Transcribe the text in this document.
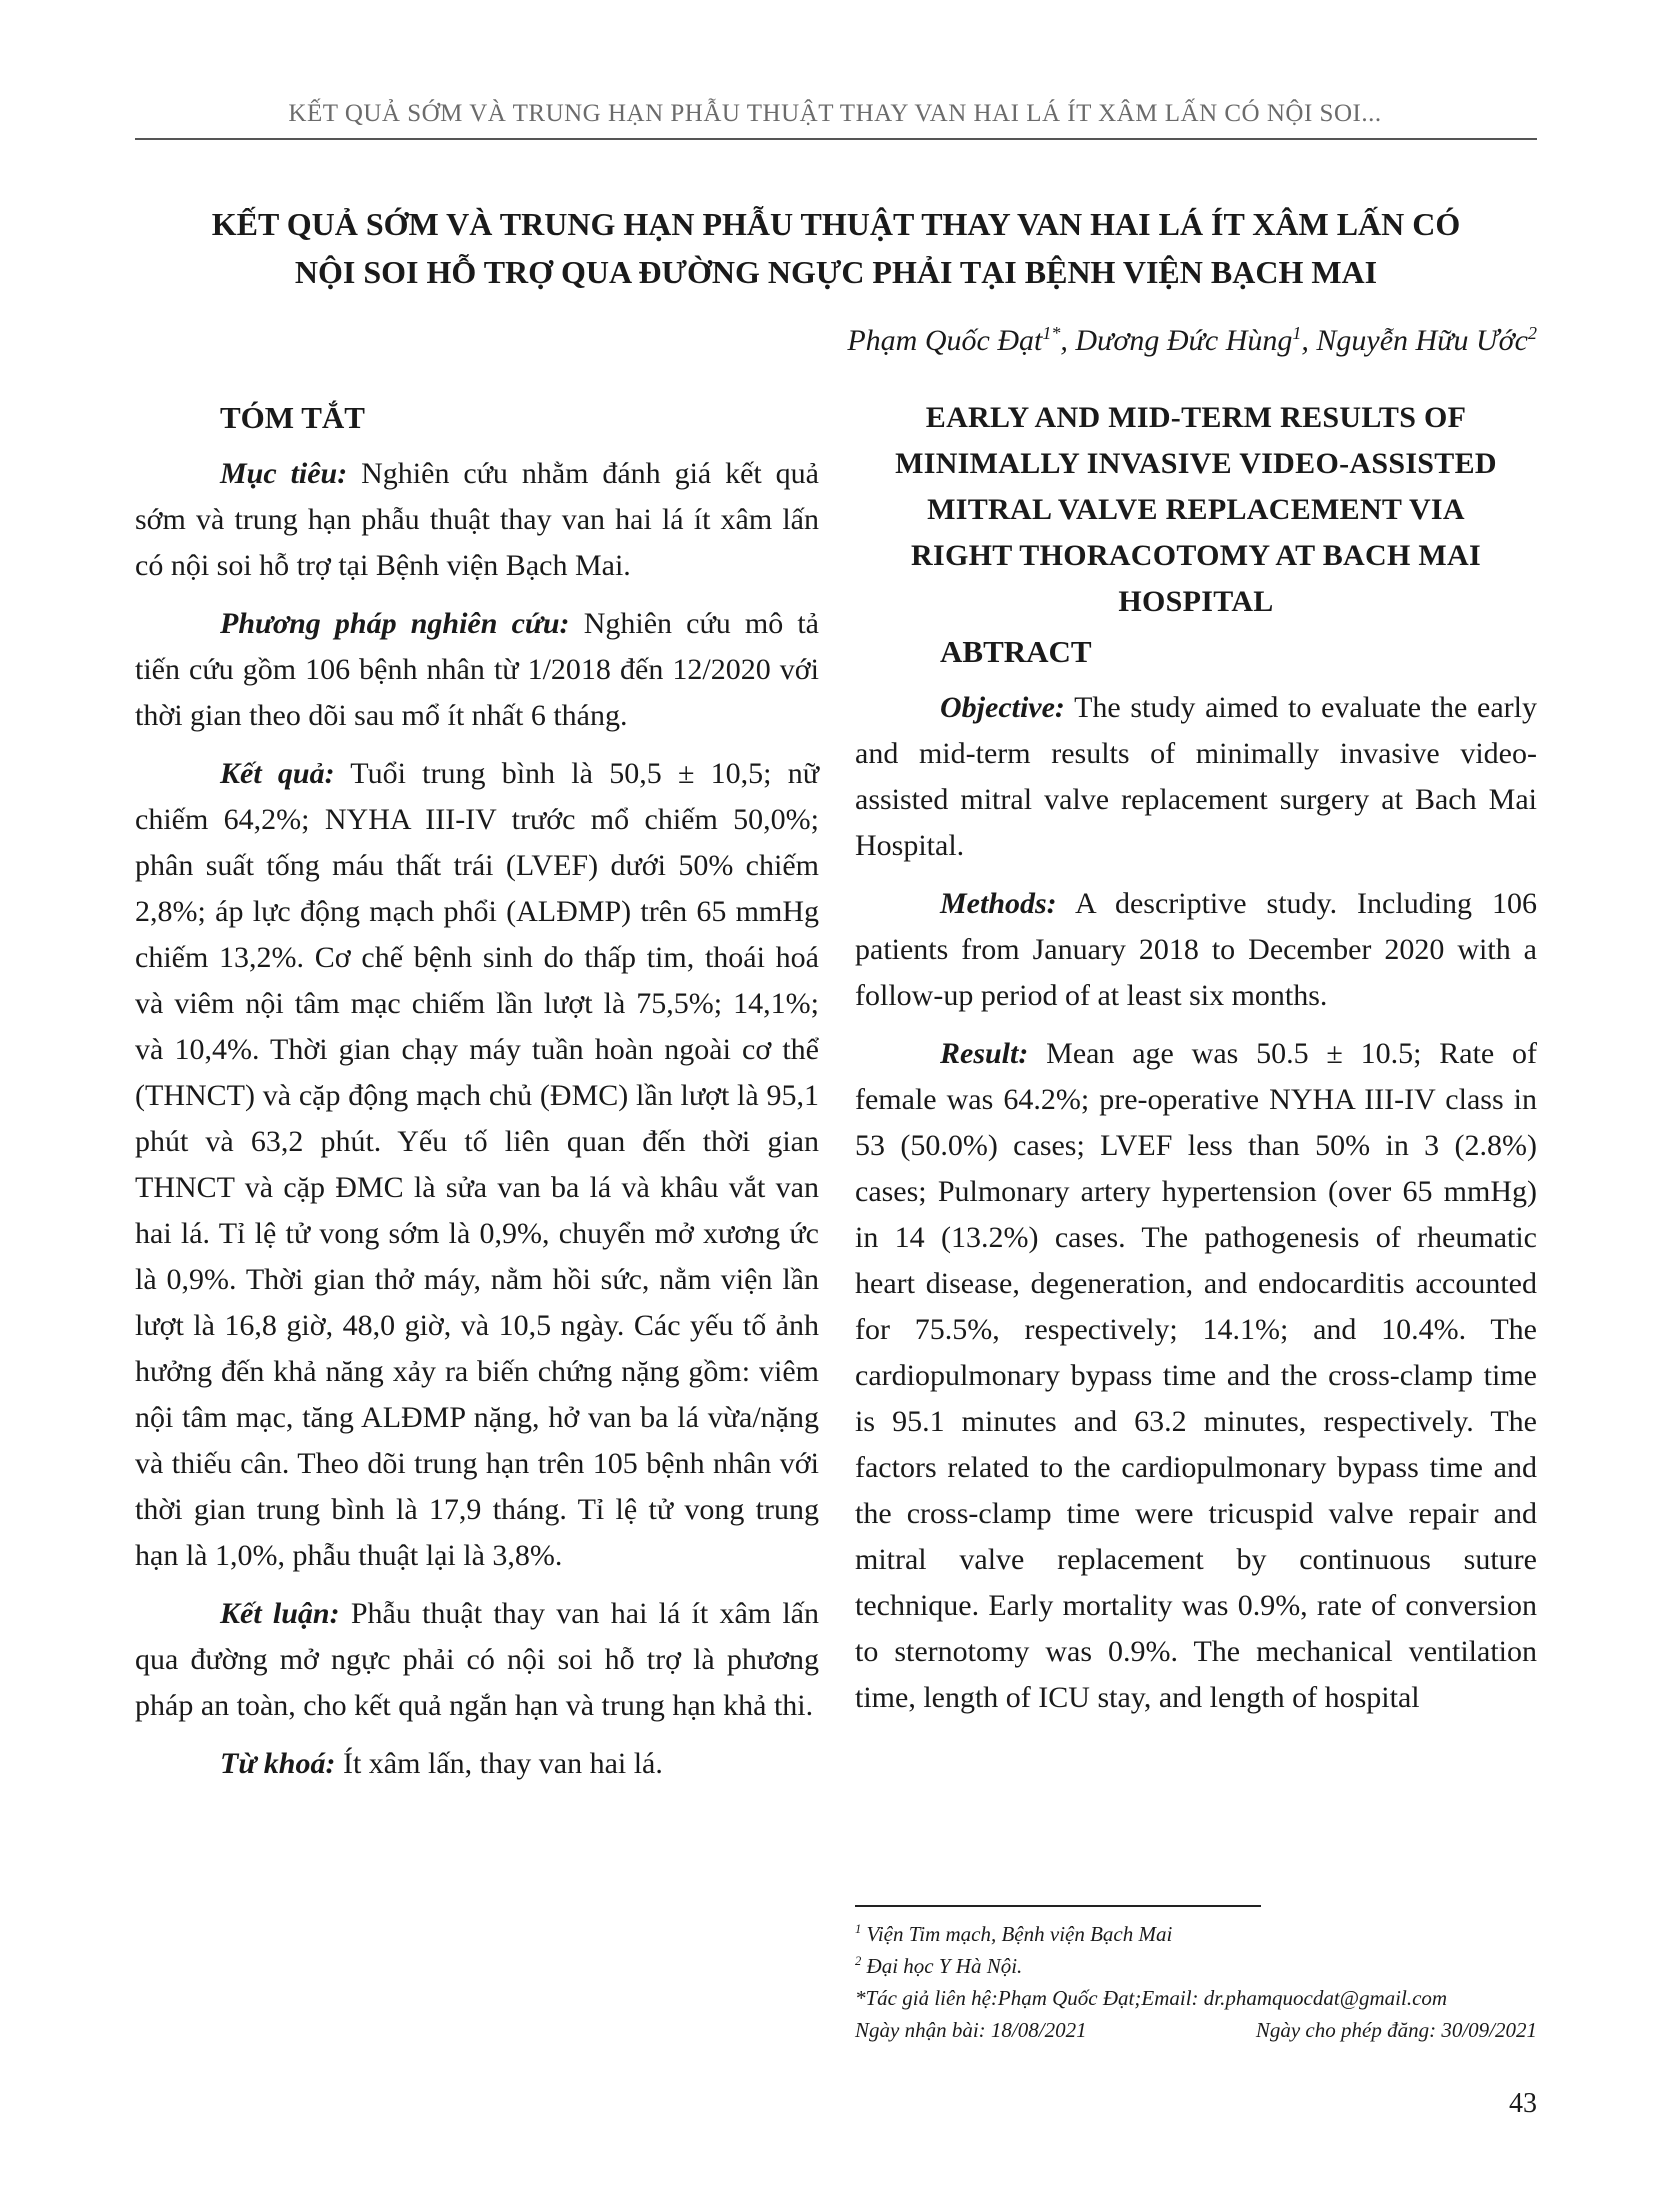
KẾT QUẢ SỚM VÀ TRUNG HẠN PHẪU THUẬT THAY VAN HAI LÁ ÍT XÂM LẤN CÓ NỘI SOI...
KẾT QUẢ SỚM VÀ TRUNG HẠN PHẪU THUẬT THAY VAN HAI LÁ ÍT XÂM LẤN CÓ
NỘI SOI HỖ TRỢ QUA ĐƯỜNG NGỰC PHẢI TẠI BỆNH VIỆN BẠCH MAI
Phạm Quốc Đạt$^{1*}$, Dương Đức Hùng$^1$, Nguyễn Hữu Ước$^2$
TÓM TẮT

Mục tiêu: Nghiên cứu nhằm đánh giá kết quả sớm và trung hạn phẫu thuật thay van hai lá ít xâm lấn có nội soi hỗ trợ tại Bệnh viện Bạch Mai.

Phương pháp nghiên cứu: Nghiên cứu mô tả tiến cứu gồm 106 bệnh nhân từ 1/2018 đến 12/2020 với thời gian theo dõi sau mổ ít nhất 6 tháng.

Kết quả: Tuổi trung bình là 50,5 ± 10,5; nữ chiếm 64,2%; NYHA III-IV trước mổ chiếm 50,0%; phân suất tống máu thất trái (LVEF) dưới 50% chiếm 2,8%; áp lực động mạch phổi (ALĐMP) trên 65 mmHg chiếm 13,2%. Cơ chế bệnh sinh do thấp tim, thoái hoá và viêm nội tâm mạc chiếm lần lượt là 75,5%; 14,1%; và 10,4%. Thời gian chạy máy tuần hoàn ngoài cơ thể (THNCT) và cặp động mạch chủ (ĐMC) lần lượt là 95,1 phút và 63,2 phút. Yếu tố liên quan đến thời gian THNCT và cặp ĐMC là sửa van ba lá và khâu vắt van hai lá. Tỉ lệ tử vong sớm là 0,9%, chuyển mở xương ức là 0,9%. Thời gian thở máy, nằm hồi sức, nằm viện lần lượt là 16,8 giờ, 48,0 giờ, và 10,5 ngày. Các yếu tố ảnh hưởng đến khả năng xảy ra biến chứng nặng gồm: viêm nội tâm mạc, tăng ALĐMP nặng, hở van ba lá vừa/nặng và thiếu cân. Theo dõi trung hạn trên 105 bệnh nhân với thời gian trung bình là 17,9 tháng. Tỉ lệ tử vong trung hạn là 1,0%, phẫu thuật lại là 3,8%.

Kết luận: Phẫu thuật thay van hai lá ít xâm lấn qua đường mở ngực phải có nội soi hỗ trợ là phương pháp an toàn, cho kết quả ngắn hạn và trung hạn khả thi.

Từ khoá: Ít xâm lấn, thay van hai lá.

EARLY AND MID-TERM RESULTS OF
MINIMALLY INVASIVE VIDEO-ASSISTED
MITRAL VALVE REPLACEMENT VIA
RIGHT THORACOTOMY AT BACH MAI
HOSPITAL
ABTRACT

Objective: The study aimed to evaluate the early and mid-term results of minimally invasive video-assisted mitral valve replacement surgery at Bach Mai Hospital.

Methods: A descriptive study. Including 106 patients from January 2018 to December 2020 with a follow-up period of at least six months.

Result: Mean age was 50.5 ± 10.5; Rate of female was 64.2%; pre-operative NYHA III-IV class in 53 (50.0%) cases; LVEF less than 50% in 3 (2.8%) cases; Pulmonary artery hypertension (over 65 mmHg) in 14 (13.2%) cases. The pathogenesis of rheumatic heart disease, degeneration, and endocarditis accounted for 75.5%, respectively; 14.1%; and 10.4%. The cardiopulmonary bypass time and the cross-clamp time is 95.1 minutes and 63.2 minutes, respectively. The factors related to the cardiopulmonary bypass time and the cross-clamp time were tricuspid valve repair and mitral valve replacement by continuous suture technique. Early mortality was 0.9%, rate of conversion to sternotomy was 0.9%. The mechanical ventilation time, length of ICU stay, and length of hospital

$^1$ Viện Tim mạch, Bệnh viện Bạch Mai
$^2$ Đại học Y Hà Nội.
*Tác giả liên hệ:Phạm Quốc Đạt;Email: dr.phamquocdat@gmail.com
Ngày nhận bài: 18/08/2021	Ngày cho phép đăng: 30/09/2021
43
